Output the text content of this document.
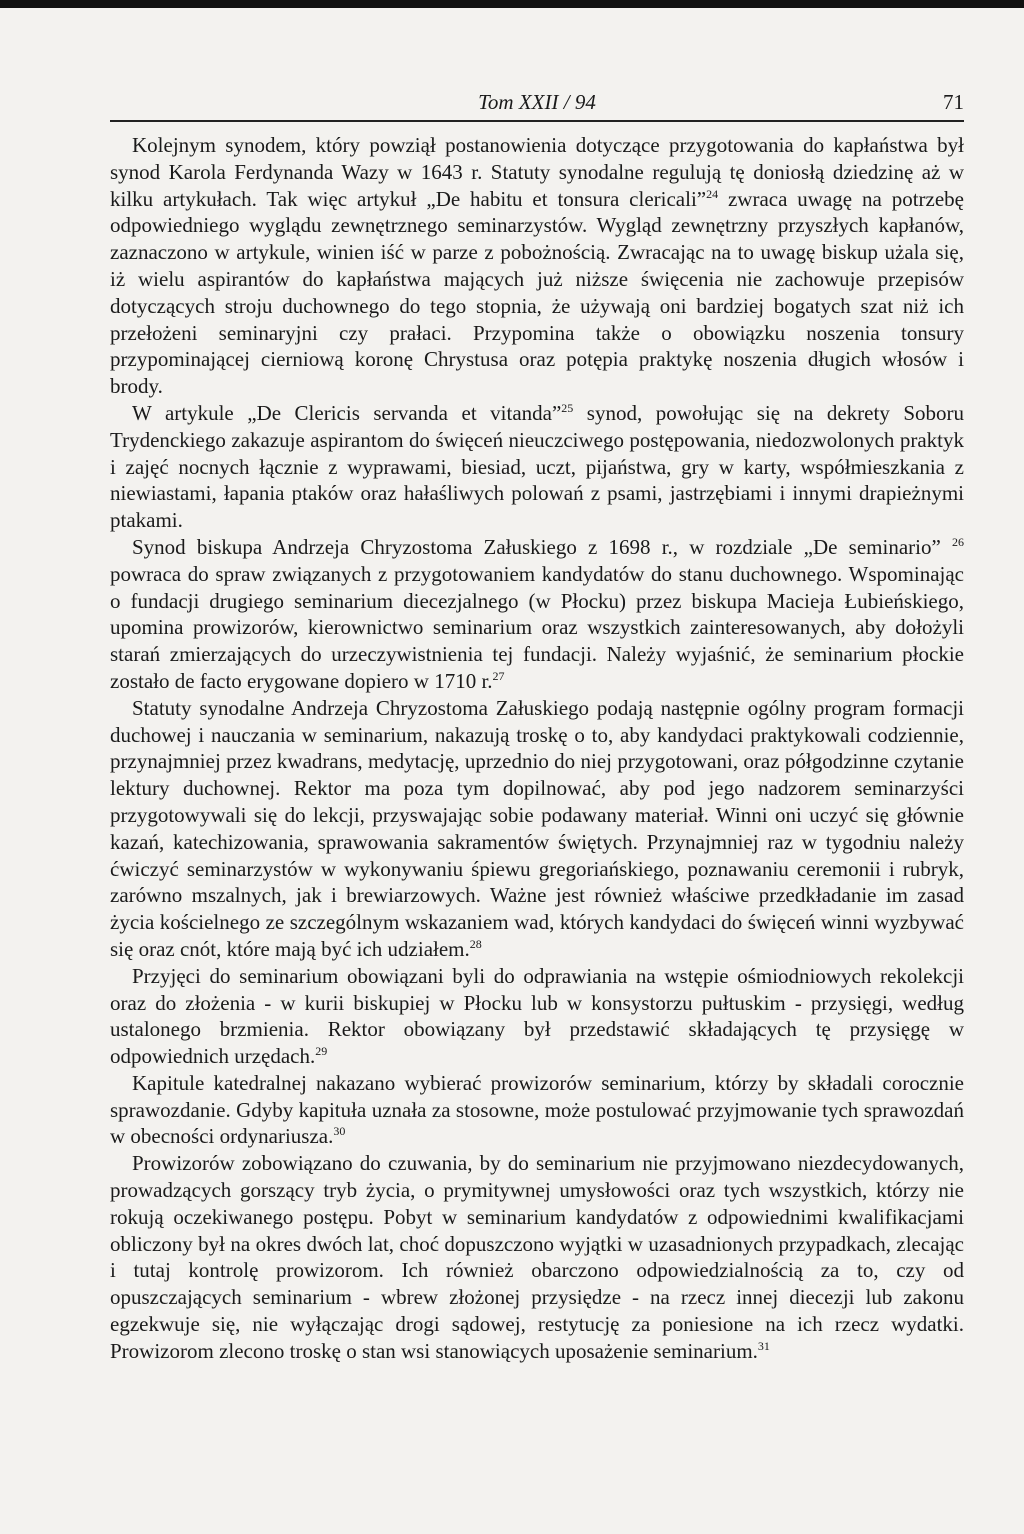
Tom XXII / 94	71

Kolejnym synodem, który powziął postanowienia dotyczące przygotowania do kapłaństwa był synod Karola Ferdynanda Wazy w 1643 r. Statuty synodalne regulują tę doniosłą dziedzinę aż w kilku artykułach. Tak więc artykuł „De habitu et tonsura clericali”$^{24}$ zwraca uwagę na potrzebę odpowiedniego wyglądu zewnętrznego seminarzystów. Wygląd zewnętrzny przyszłych kapłanów, zaznaczono w artykule, winien iść w parze z pobożnością. Zwracając na to uwagę biskup użala się, iż wielu aspirantów do kapłaństwa mających już niższe święcenia nie zachowuje przepisów dotyczących stroju duchownego do tego stopnia, że używają oni bardziej bogatych szat niż ich przełożeni seminaryjni czy prałaci. Przypomina także o obowiązku noszenia tonsury przypominającej cierniową koronę Chrystusa oraz potępia praktykę noszenia długich włosów i brody.

W artykule „De Clericis servanda et vitanda”$^{25}$ synod, powołując się na dekrety Soboru Trydenckiego zakazuje aspirantom do święceń nieuczciwego postępowania, niedozwolonych praktyk i zajęć nocnych łącznie z wyprawami, biesiad, uczt, pijaństwa, gry w karty, współmieszkania z niewiastami, łapania ptaków oraz hałaśliwych polowań z psami, jastrzębiami i innymi drapieżnymi ptakami.

Synod biskupa Andrzeja Chryzostoma Załuskiego z 1698 r., w rozdziale „De seminario” $^{26}$ powraca do spraw związanych z przygotowaniem kandydatów do stanu duchownego. Wspominając o fundacji drugiego seminarium diecezjalnego (w Płocku) przez biskupa Macieja Łubieńskiego, upomina prowizorów, kierownictwo seminarium oraz wszystkich zainteresowanych, aby dołożyli starań zmierzających do urzeczywistnienia tej fundacji. Należy wyjaśnić, że seminarium płockie zostało de facto erygowane dopiero w 1710 r.$^{27}$

Statuty synodalne Andrzeja Chryzostoma Załuskiego podają następnie ogólny program formacji duchowej i nauczania w seminarium, nakazują troskę o to, aby kandydaci praktykowali codziennie, przynajmniej przez kwadrans, medytację, uprzednio do niej przygotowani, oraz półgodzinne czytanie lektury duchownej. Rektor ma poza tym dopilnować, aby pod jego nadzorem seminarzyści przygotowywali się do lekcji, przyswajając sobie podawany materiał. Winni oni uczyć się głównie kazań, katechizowania, sprawowania sakramentów świętych. Przynajmniej raz w tygodniu należy ćwiczyć seminarzystów w wykonywaniu śpiewu gregoriańskiego, poznawaniu ceremonii i rubryk, zarówno mszalnych, jak i brewiarzowych. Ważne jest również właściwe przedkładanie im zasad życia kościelnego ze szczególnym wskazaniem wad, których kandydaci do święceń winni wyzbywać się oraz cnót, które mają być ich udziałem.$^{28}$

Przyjęci do seminarium obowiązani byli do odprawiania na wstępie ośmiodniowych rekolekcji oraz do złożenia - w kurii biskupiej w Płocku lub w konsystorzu pułtuskim - przysięgi, według ustalonego brzmienia. Rektor obowiązany był przedstawić składających tę przysięgę w odpowiednich urzędach.$^{29}$

Kapitule katedralnej nakazano wybierać prowizorów seminarium, którzy by składali corocznie sprawozdanie. Gdyby kapituła uznała za stosowne, może postulować przyjmowanie tych sprawozdań w obecności ordynariusza.$^{30}$

Prowizorów zobowiązano do czuwania, by do seminarium nie przyjmowano niezdecydowanych, prowadzących gorszący tryb życia, o prymitywnej umysłowości oraz tych wszystkich, którzy nie rokują oczekiwanego postępu. Pobyt w seminarium kandydatów z odpowiednimi kwalifikacjami obliczony był na okres dwóch lat, choć dopuszczono wyjątki w uzasadnionych przypadkach, zlecając i tutaj kontrolę prowizorom. Ich również obarczono odpowiedzialnością za to, czy od opuszczających seminarium - wbrew złożonej przysiędze - na rzecz innej diecezji lub zakonu egzekwuje się, nie wyłączając drogi sądowej, restytucję za poniesione na ich rzecz wydatki. Prowizorom zlecono troskę o stan wsi stanowiących uposażenie seminarium.$^{31}$
